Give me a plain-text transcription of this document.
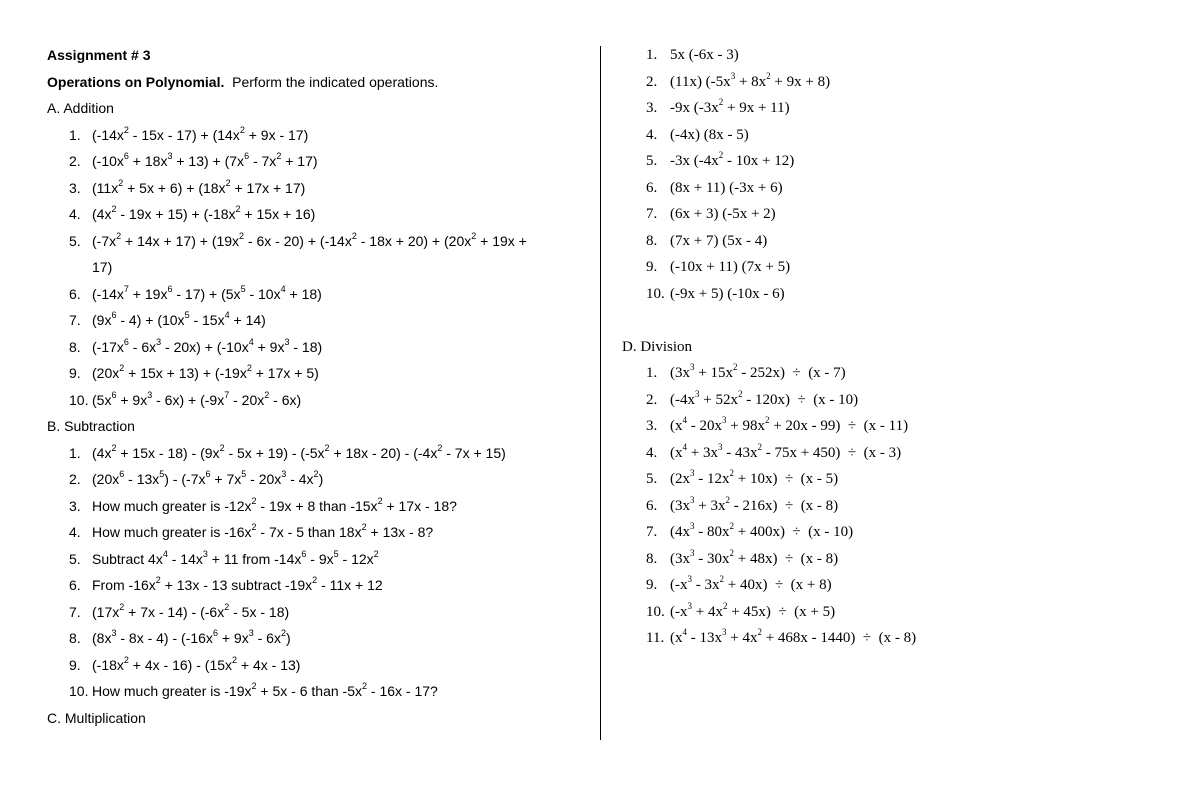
Assignment # 3
Operations on Polynomial. Perform the indicated operations.
A. Addition
1. $(-14x^2 - 15x - 17) + (14x^2 + 9x - 17)$
2. $(-10x^6 + 18x^3 + 13) + (7x^6 - 7x^2 + 17)$
3. $(11x^2 + 5x + 6) + (18x^2 + 17x + 17)$
4. $(4x^2 - 19x + 15) + (-18x^2 + 15x + 16)$
5. $(-7x^2 + 14x + 17) + (19x^2 - 6x - 20) + (-14x^2 - 18x + 20) + (20x^2 + 19x$ +
17)
6. $(-14x^7 + 19x^6 - 17) + (5x^5 - 10x^4 + 18)$
7. $(9x^6 - 4) + (10x^5 - 15x^4 + 14)$
8. $(-17x^6 - 6x^3 - 20x) + (-10x^4 + 9x^3 - 18)$
9. $(20x^2 + 15x + 13) + (-19x^2 + 17x + 5)$
10. $(5x^6 + 9x^3 - 6x) + (-9x^7 - 20x^2 - 6x)$
B. Subtraction
1. $(4x^2 + 15x - 18) - (9x^2 - 5x + 19) - (-5x^2 + 18x - 20) - (-4x^2 - 7x + 15)$
2. $(20x^6 - 13x^5) - (-7x^6 + 7x^5 - 20x^3 - 4x^2)$
3. How much greater is $-12x^2 - 19x + 8$ than $-15x^2 + 17x - 18$?
4. How much greater is $-16x^2 - 7x - 5$ than $18x^2 + 13x - 8$?
5. Subtract $4x^4 - 14x^3 + 11$ from $-14x^6 - 9x^5 - 12x^2$
6. From $-16x^2 + 13x - 13$ subtract $-19x^2 - 11x + 12$
7. $(17x^2 + 7x - 14) - (-6x^2 - 5x - 18)$
8. $(8x^3 - 8x - 4) - (-16x^6 + 9x^3 - 6x^2)$
9. $(-18x^2 + 4x - 16) - (15x^2 + 4x - 13)$
10. How much greater is $-19x^2 + 5x - 6$ than $-5x^2 - 16x - 17$?
C. Multiplication
1. 5x (-6x - 3)
2. (11x) $(-5x^3 + 8x^2 + 9x + 8)$
3. -9x $(-3x^2 + 9x + 11)$
4. (-4x) (8x - 5)
5. -3x $(-4x^2 - 10x + 12)$
6. (8x + 11) (-3x + 6)
7. (6x + 3) (-5x + 2)
8. (7x + 7) (5x - 4)
9. (-10x + 11) (7x + 5)
10. (-9x + 5) (-10x - 6)
D. Division
1. $(3x^3 + 15x^2 - 252x) \div (x - 7)$
2. $(-4x^3 + 52x^2 - 120x) \div (x - 10)$
3. $(x^4 - 20x^3 + 98x^2 + 20x - 99) \div (x - 11)$
4. $(x^4 + 3x^3 - 43x^2 - 75x + 450) \div (x - 3)$
5. $(2x^3 - 12x^2 + 10x) \div (x - 5)$
6. $(3x^3 + 3x^2 - 216x) \div (x - 8)$
7. $(4x^3 - 80x^2 + 400x) \div (x - 10)$
8. $(3x^3 - 30x^2 + 48x) \div (x - 8)$
9. $(-x^3 - 3x^2 + 40x) \div (x + 8)$
10. $(-x^3 + 4x^2 + 45x) \div (x + 5)$
11. $(x^4 - 13x^3 + 4x^2 + 468x - 1440) \div (x - 8)$
